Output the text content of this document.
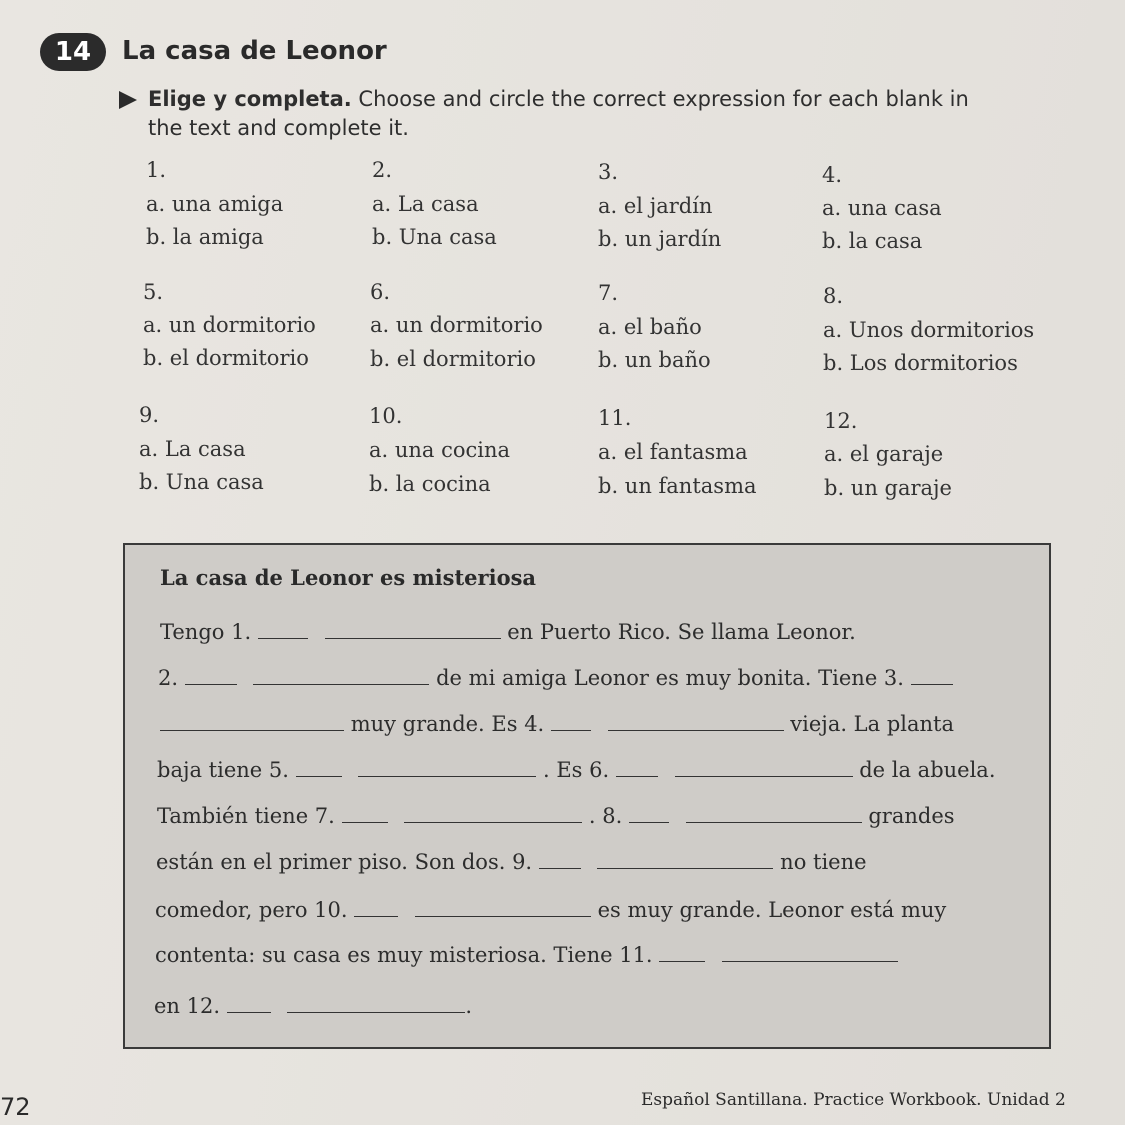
14	La casa de Leonor
Elige y completa. Choose and circle the correct expression for each blank in the text and complete it.
1.
a. una amiga
b. la amiga
2.
a. La casa
b. Una casa
3.
a. el jardín
b. un jardín
4.
a. una casa
b. la casa
5.
a. un dormitorio
b. el dormitorio
6.
a. un dormitorio
b. el dormitorio
7.
a. el baño
b. un baño
8.
a. Unos dormitorios
b. Los dormitorios
9.
a. La casa
b. Una casa
10.
a. una cocina
b. la cocina
11.
a. el fantasma
b. un fantasma
12.
a. el garaje
b. un garaje
La casa de Leonor es misteriosa
Tengo 1.	en Puerto Rico. Se llama Leonor.
2.	de mi amiga Leonor es muy bonita. Tiene 3.
muy grande. Es 4.	vieja. La planta
baja tiene 5.	. Es 6.	de la abuela.
También tiene 7.	. 8.	grandes
están en el primer piso. Son dos. 9.	no tiene
comedor, pero 10.	es muy grande. Leonor está muy
contenta: su casa es muy misteriosa. Tiene 11.
en 12.	.
72	Español Santillana. Practice Workbook. Unidad 2
